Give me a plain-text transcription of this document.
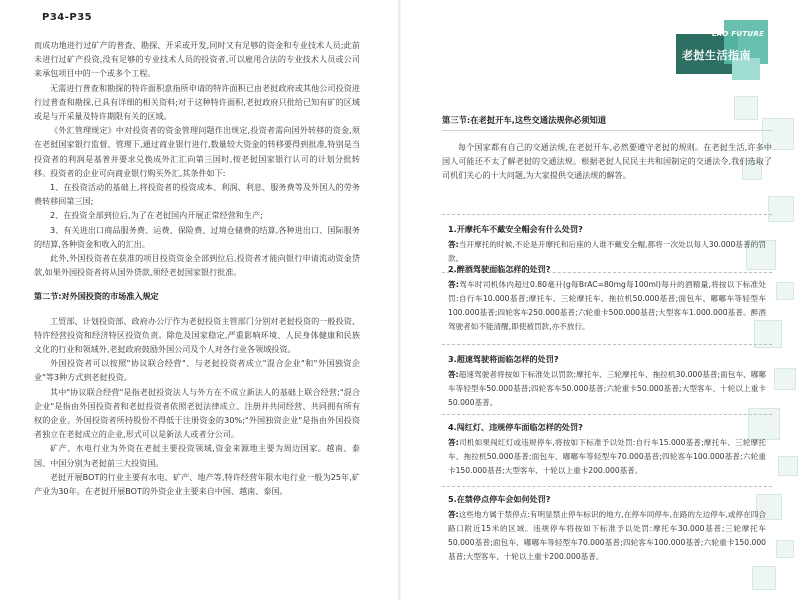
P34-P35

而成功地进行过矿产的普查、勘探、开采或开发,同时又有足够的资金和专业技术人员;此前未进行过矿产投资,没有足够的专业技术人员的投资者,可以雇用合法的专业技术人员或公司来承包项目中的一个或多个工程。

无需进行普查和勘探的特许面积意指所申请的特许面积已由老挝政府或其他公司投资进行过普查和勘探,已具有详细的相关资料;对于这种特许面积,老挝政府只批给已知有矿的区域或是与开采量及特许期限有关的区域。

《外汇管理规定》中对投资者的资金管理问题作出规定,投资者需向国外转移的资金,须在老挝国家银行监督、管理下,通过商业银行进行,数量较大资金的转移要得到批准,特别是当投资者的利润是基普并要求兑换成外汇汇向第三国时,按老挝国家银行认可的计划分批转移。投资者的企业可向商业银行购买外汇,其条件如下:

1、在投资活动的基础上,将投资者的投资成本、利润、利息、服务费等及外国人的劳务费转移回第三国;

2、在投资全部到位后,为了在老挝国内开展正常经营和生产;

3、有关进出口商品服务费、运费、保险费、过境仓储费的结算,各种进出口、国际服务的结算,各种资金和收入的汇出。

此外,外国投资者在获准的项目投资资金全部到位后,投资者才能向银行申请流动资金贷款,如果外国投资者将从国外贷款,须经老挝国家银行批准。

第二节:对外国投资的市场准入规定

工贸部、计划投资部、政府办公厅作为老挝投资主管部门分别对老挝投资的一般投资、特许经营投资和经济特区投资负责。除危及国家稳定,严重影响环境、人民身体健康和民族文化的行业和领域外,老挝政府鼓励外国公司及个人对各行业各领域投资。

外国投资者可以按照"协议联合经营"、与老挝投资者成立"混合企业"和"外国独资企业"等3种方式到老挝投资。

其中"协议联合经营"是指老挝投资法人与外方在不成立新法人的基础上联合经营;"混合企业"是指由外国投资者和老挝投资者依照老挝法律成立、注册并共同经营、共同拥有所有权的企业。外国投资者所持股份不得低于注册资金的30%;"外国独资企业"是指由外国投资者独立在老挝成立的企业,形式可以是新法人或者分公司。

矿产、水电行业为外资在老挝主要投资领域,资金来源地主要为周边国家。越南、泰国、中国分别为老挝前三大投资国。

老挝开展BOT的行业主要有水电、矿产、地产等,特许经营年限水电行业一般为25年,矿产业为30年。在老挝开展BOT的外资企业主要来自中国、越南、泰国。

LAO FUTURE
老挝生活指南
第三节:在老挝开车,这些交通法规你必须知道

每个国家都有自己的交通法规,在老挝开车,必然要遵守老挝的规则。在老挝生活,许多中国人可能还不太了解老挝的交通法规。根据老挝人民民主共和国制定的交通法令,我们选取了司机们关心的十大问题,为大家提供交通法规的解答。

1.开摩托车不戴安全帽会有什么处罚?
答:当开摩托的时候,不论是开摩托和后座的人谁不戴安全帽,都将一次处以每人30.000基普的罚款。
2.醉酒驾驶面临怎样的处罚?
答:驾车时司机体内超过0.80毫升(g每BrAC=80mg每100ml)每升的酒精量,将按以下标准处罚:自行车10.000基普;摩托车、三轮摩托车、拖拉机50.000基普;面包车、嘟嘟车等轻型车100.000基普;四轮客车250.000基普;六轮重卡500.000基普;大型客车1.000.000基普。醉酒驾驶者如不能清醒,即使被罚款,亦不放行。
3.超速驾驶将面临怎样的处罚?
答:超速驾驶者将按如下标准处以罚款:摩托车、三轮摩托车、拖拉机30.000基普;面包车、嘟嘟车等轻型车50.000基普;四轮客车50.000基普;六轮重卡50.000基普;大型客车、十轮以上重卡50.000基普。
4.闯红灯、违规停车面临怎样的处罚?
答:司机如果闯红灯或违规停车,将按如下标准予以处罚:自行车15.000基普;摩托车、三轮摩托车、拖拉机50.000基普;面包车、嘟嘟车等轻型车70.000基普;四轮客车100.000基普;六轮重卡150.000基普;大型客车、十轮以上重卡200.000基普。
5.在禁停点停车会如何处罚?
答:这些地方属于禁停点:有明显禁止停车标识的地方,在停车同停车,在路的左边停车,或停在四合路口附近15米的区域。违规停车将按如下标准予以处罚:摩托车30.000基普;三轮摩托车50.000基普;面包车、嘟嘟车等轻型车70.000基普;四轮客车100.000基普;六轮重卡150.000基普;大型客车、十轮以上重卡200.000基普。
